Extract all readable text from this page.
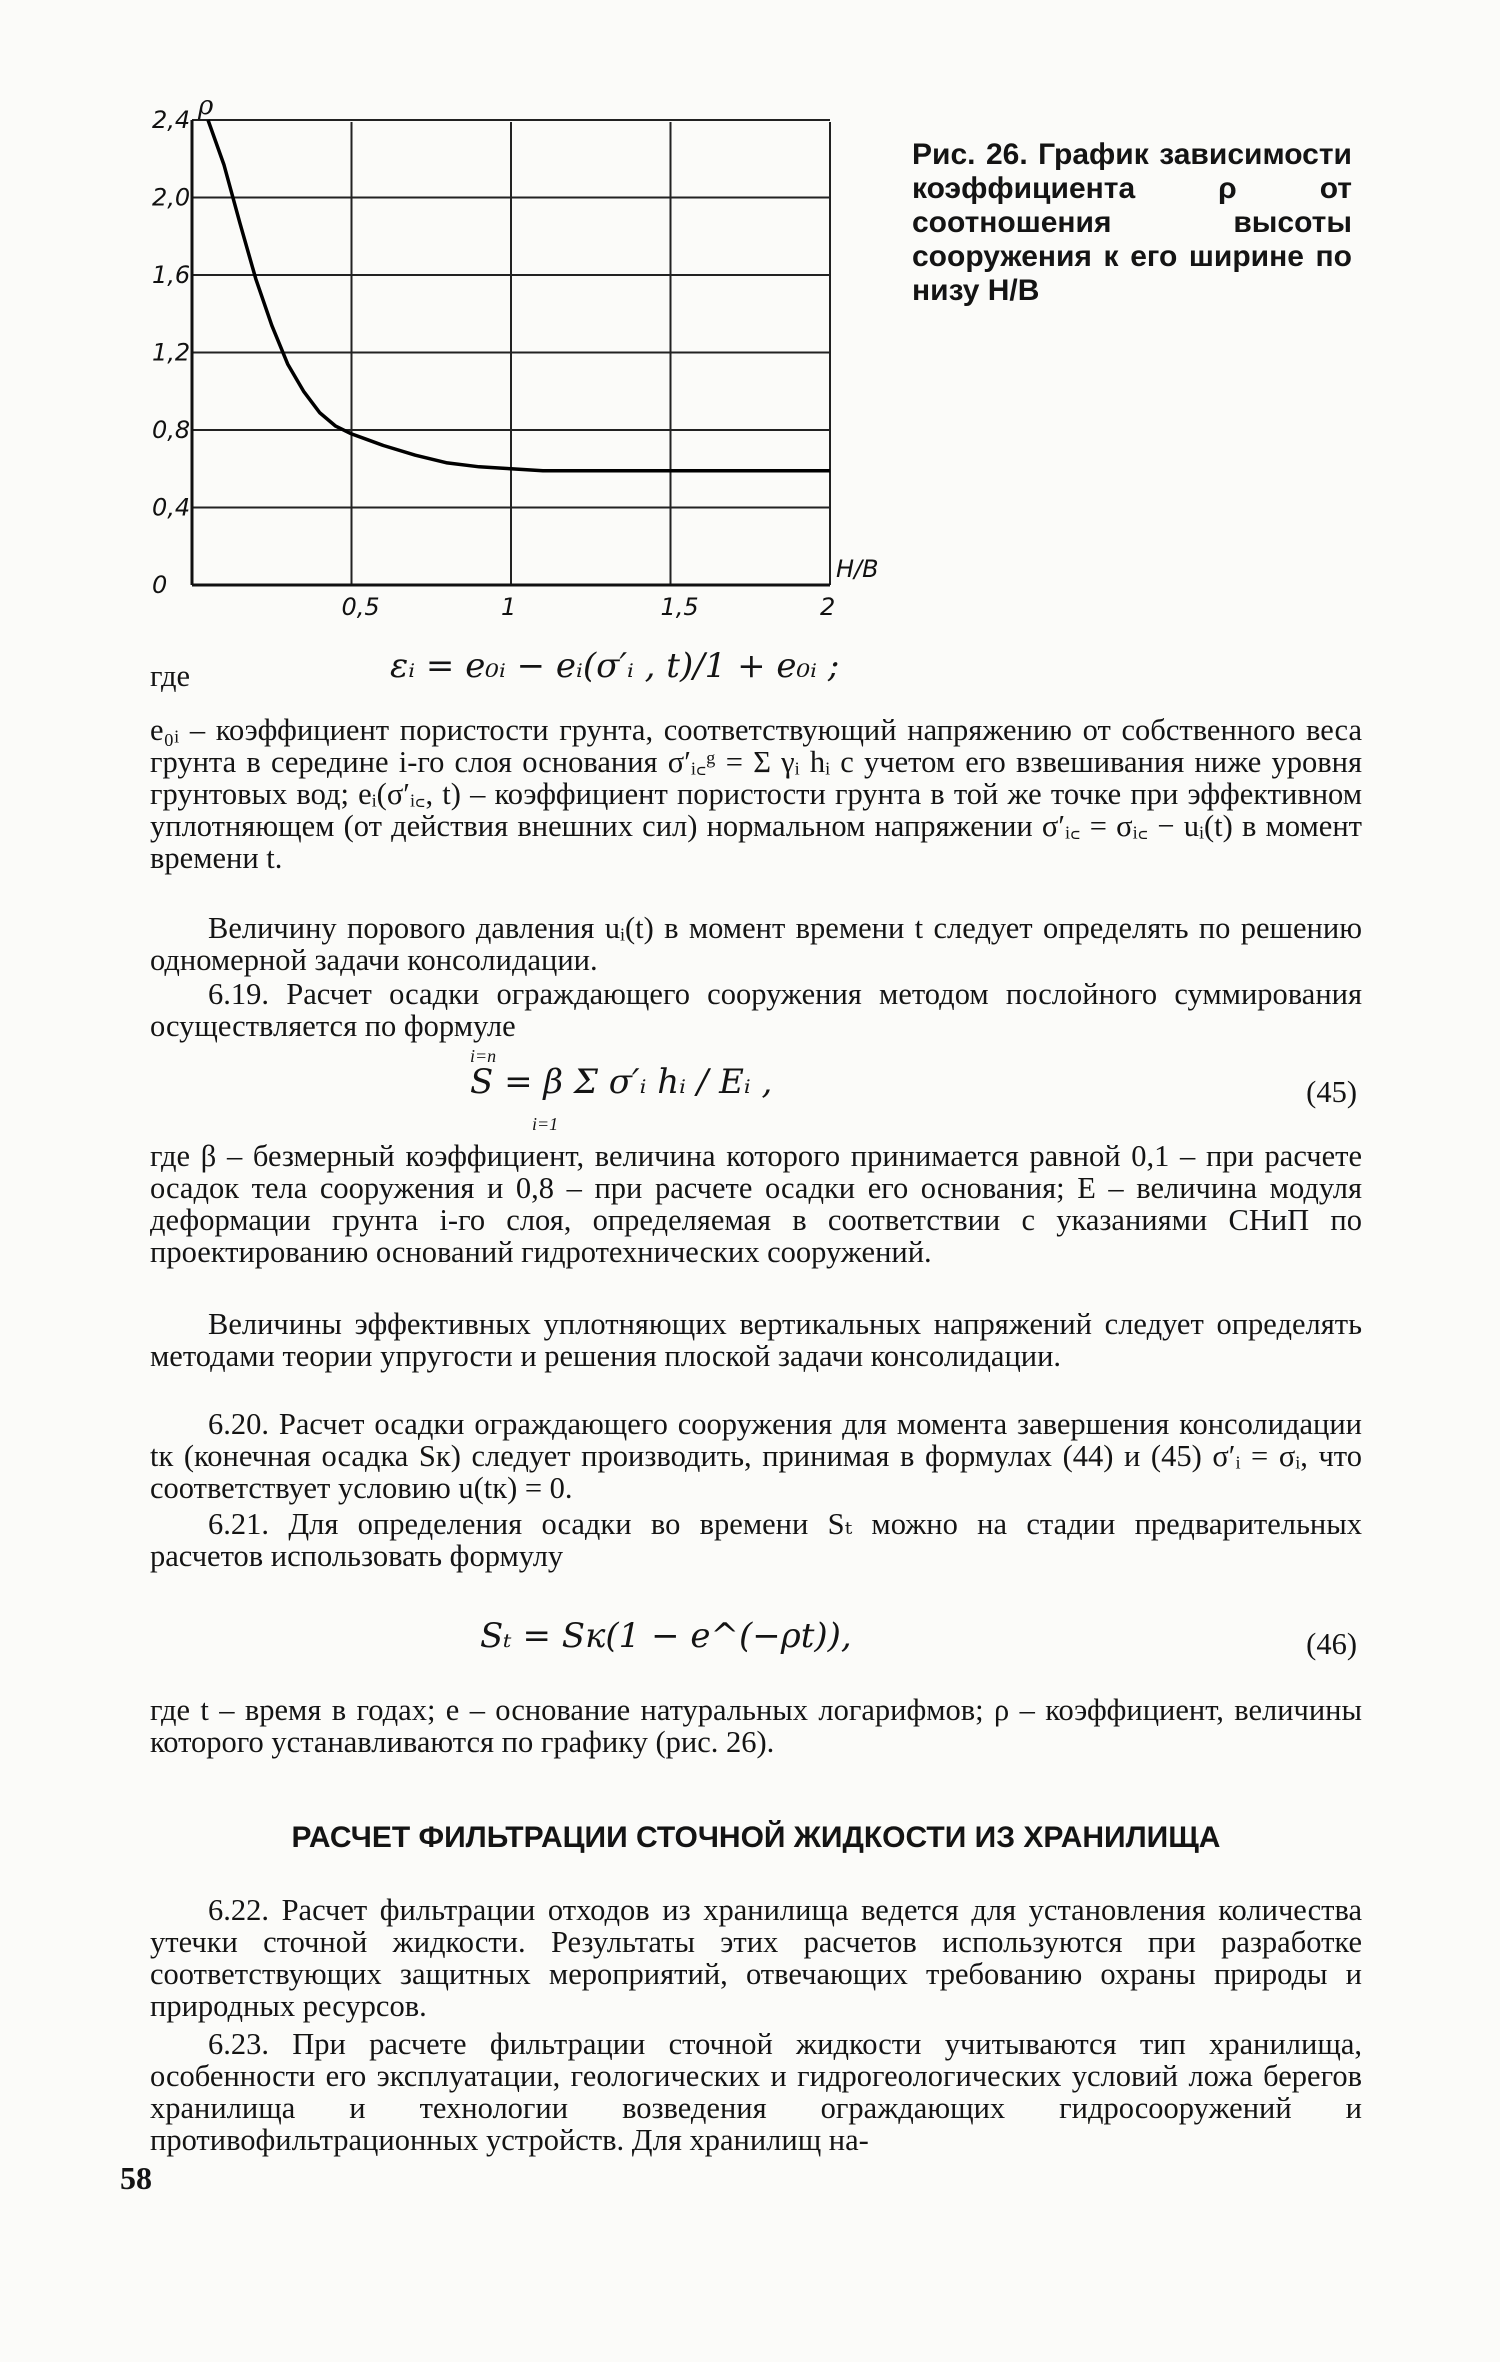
0,5	1	1,5	2
0
0,4
0,8
1,2
1,6
2,0
2,4 ρ
H/B
Рис. 26. График зависимости коэффициента ρ от соотношения высоты сооружения к его ширине по низу H/B
где	εᵢ = e₀ᵢ − eᵢ(σ′ᵢ , t)/1 + e₀ᵢ ;
e₀ᵢ – коэффициент пористости грунта, соответствующий напряжению от собственного веса грунта в середине i-го слоя основания σ′ᵢ꜀ᵍ = Σ γᵢ hᵢ с учетом его взвешивания ниже уровня грунтовых вод; eᵢ(σ′ᵢ꜀, t) – коэффициент пористости грунта в той же точке при эффективном уплотняющем (от действия внешних сил) нормальном напряжении σ′ᵢ꜀ = σᵢ꜀ − uᵢ(t) в момент времени t.
Величину порового давления uᵢ(t) в момент времени t следует определять по решению одномерной задачи консолидации.
6.19. Расчет осадки ограждающего сооружения методом послойного суммирования осуществляется по формуле
i=n
S = β Σ σ′ᵢ hᵢ / Eᵢ ,
i=1
(45)
где β – безмерный коэффициент, величина которого принимается равной 0,1 – при расчете осадок тела сооружения и 0,8 – при расчете осадки его основания; E – величина модуля деформации грунта i-го слоя, определяемая в соответствии с указаниями СНиП по проектированию оснований гидротехнических сооружений.
Величины эффективных уплотняющих вертикальных напряжений следует определять методами теории упругости и решения плоской задачи консолидации.
6.20. Расчет осадки ограждающего сооружения для момента завершения консолидации tк (конечная осадка Sк) следует производить, принимая в формулах (44) и (45) σ′ᵢ = σᵢ, что соответствует условию u(tк) = 0.
6.21. Для определения осадки во времени Sₜ можно на стадии предварительных расчетов использовать формулу
Sₜ = Sк(1 − e^(−ρt)),	(46)
где t – время в годах; e – основание натуральных логарифмов; ρ – коэффициент, величины которого устанавливаются по графику (рис. 26).
РАСЧЕТ ФИЛЬТРАЦИИ СТОЧНОЙ ЖИДКОСТИ ИЗ ХРАНИЛИЩА
6.22. Расчет фильтрации отходов из хранилища ведется для установления количества утечки сточной жидкости. Результаты этих расчетов используются при разработке соответствующих защитных мероприятий, отвечающих требованию охраны природы и природных ресурсов.
6.23. При расчете фильтрации сточной жидкости учитываются тип хранилища, особенности его эксплуатации, геологических и гидрогеологических условий ложа берегов хранилища и технологии возведения ограждающих гидросооружений и противофильтрационных устройств. Для хранилищ на-
58
